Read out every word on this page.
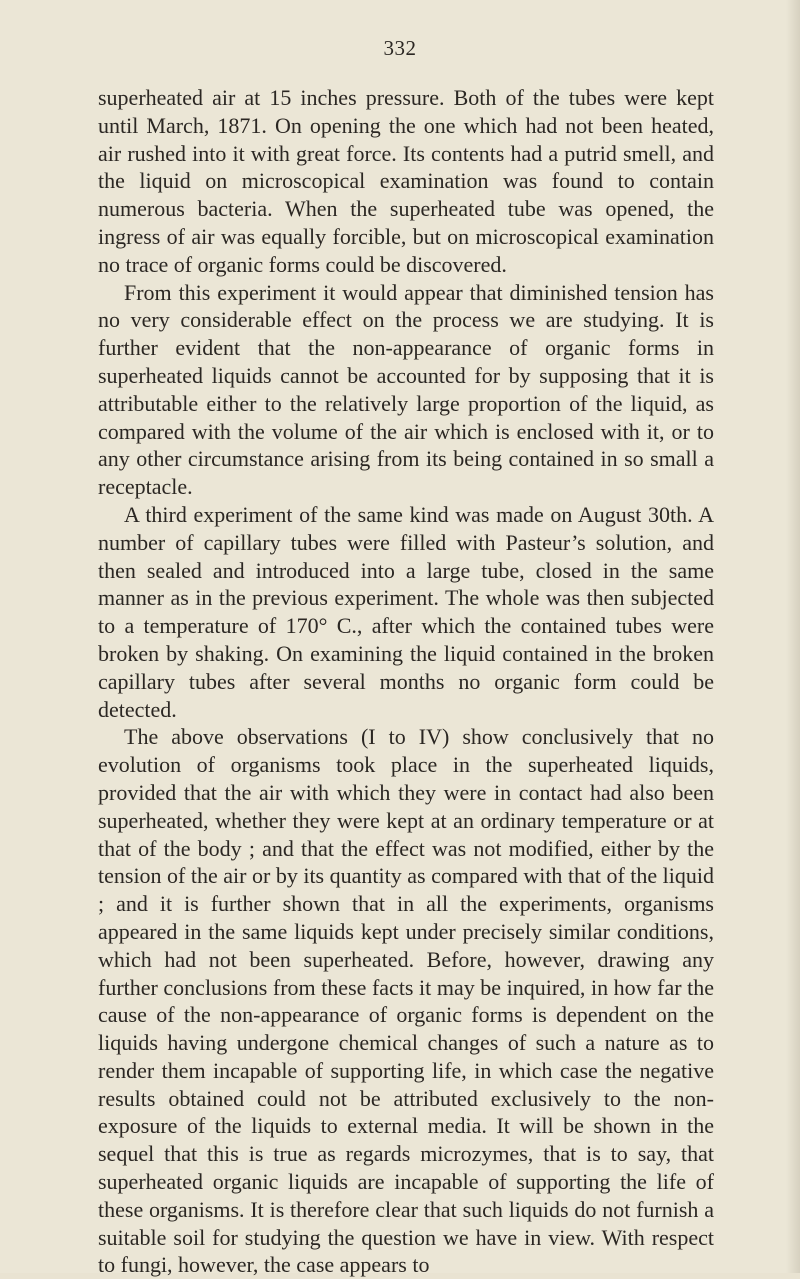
332

superheated air at 15 inches pressure. Both of the tubes were kept until March, 1871. On opening the one which had not been heated, air rushed into it with great force. Its contents had a putrid smell, and the liquid on microscopical examination was found to contain numerous bacteria. When the superheated tube was opened, the ingress of air was equally forcible, but on microscopical examination no trace of organic forms could be discovered.

From this experiment it would appear that diminished tension has no very considerable effect on the process we are studying. It is further evident that the non-appearance of organic forms in superheated liquids cannot be accounted for by supposing that it is attributable either to the relatively large proportion of the liquid, as compared with the volume of the air which is enclosed with it, or to any other circumstance arising from its being contained in so small a receptacle.

A third experiment of the same kind was made on August 30th. A number of capillary tubes were filled with Pasteur’s solution, and then sealed and introduced into a large tube, closed in the same manner as in the previous experiment. The whole was then subjected to a temperature of 170° C., after which the contained tubes were broken by shaking. On examining the liquid contained in the broken capillary tubes after several months no organic form could be detected.

The above observations (I to IV) show conclusively that no evolution of organisms took place in the superheated liquids, provided that the air with which they were in contact had also been superheated, whether they were kept at an ordinary temperature or at that of the body ; and that the effect was not modified, either by the tension of the air or by its quantity as compared with that of the liquid ; and it is further shown that in all the experiments, organisms appeared in the same liquids kept under precisely similar conditions, which had not been superheated. Before, however, drawing any further conclusions from these facts it may be inquired, in how far the cause of the non-appearance of organic forms is dependent on the liquids having undergone chemical changes of such a nature as to render them incapable of supporting life, in which case the negative results obtained could not be attributed exclusively to the non-exposure of the liquids to external media. It will be shown in the sequel that this is true as regards microzymes, that is to say, that superheated organic liquids are incapable of supporting the life of these organisms. It is therefore clear that such liquids do not furnish a suitable soil for studying the question we have in view. With respect to fungi, however, the case appears to
